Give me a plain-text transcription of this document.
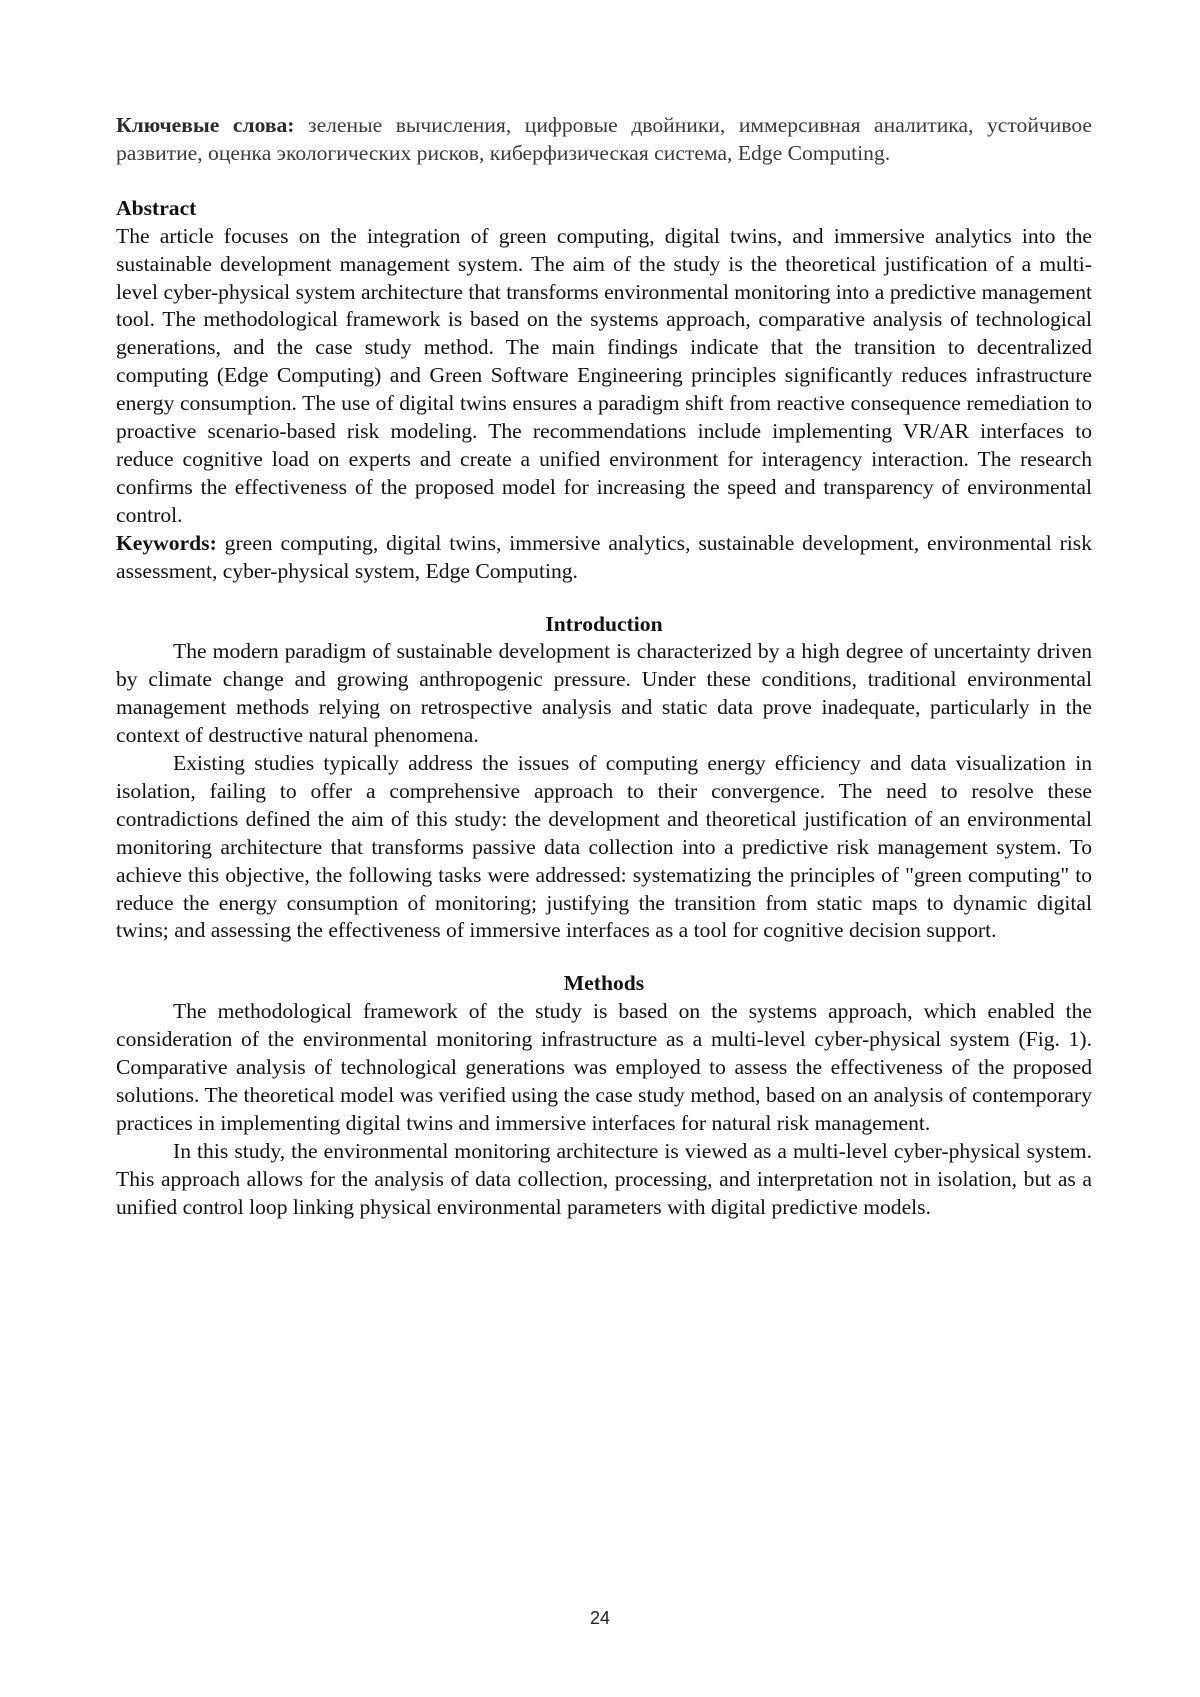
Ключевые слова: зеленые вычисления, цифровые двойники, иммерсивная аналитика, устойчивое развитие, оценка экологических рисков, киберфизическая система, Edge Computing.

Abstract

The article focuses on the integration of green computing, digital twins, and immersive analytics into the sustainable development management system. The aim of the study is the theoretical justification of a multi-level cyber-physical system architecture that transforms environmental monitoring into a predictive management tool. The methodological framework is based on the systems approach, comparative analysis of technological generations, and the case study method. The main findings indicate that the transition to decentralized computing (Edge Computing) and Green Software Engineering principles significantly reduces infrastructure energy consumption. The use of digital twins ensures a paradigm shift from reactive consequence remediation to proactive scenario-based risk modeling. The recommendations include implementing VR/AR interfaces to reduce cognitive load on experts and create a unified environment for interagency interaction. The research confirms the effectiveness of the proposed model for increasing the speed and transparency of environmental control.

Keywords: green computing, digital twins, immersive analytics, sustainable development, environmental risk assessment, cyber-physical system, Edge Computing.

Introduction

The modern paradigm of sustainable development is characterized by a high degree of uncertainty driven by climate change and growing anthropogenic pressure. Under these conditions, traditional environmental management methods relying on retrospective analysis and static data prove inadequate, particularly in the context of destructive natural phenomena.

Existing studies typically address the issues of computing energy efficiency and data visualization in isolation, failing to offer a comprehensive approach to their convergence. The need to resolve these contradictions defined the aim of this study: the development and theoretical justification of an environmental monitoring architecture that transforms passive data collection into a predictive risk management system. To achieve this objective, the following tasks were addressed: systematizing the principles of "green computing" to reduce the energy consumption of monitoring; justifying the transition from static maps to dynamic digital twins; and assessing the effectiveness of immersive interfaces as a tool for cognitive decision support.

Methods

The methodological framework of the study is based on the systems approach, which enabled the consideration of the environmental monitoring infrastructure as a multi-level cyber-physical system (Fig. 1). Comparative analysis of technological generations was employed to assess the effectiveness of the proposed solutions. The theoretical model was verified using the case study method, based on an analysis of contemporary practices in implementing digital twins and immersive interfaces for natural risk management.

In this study, the environmental monitoring architecture is viewed as a multi-level cyber-physical system. This approach allows for the analysis of data collection, processing, and interpretation not in isolation, but as a unified control loop linking physical environmental parameters with digital predictive models.

24
